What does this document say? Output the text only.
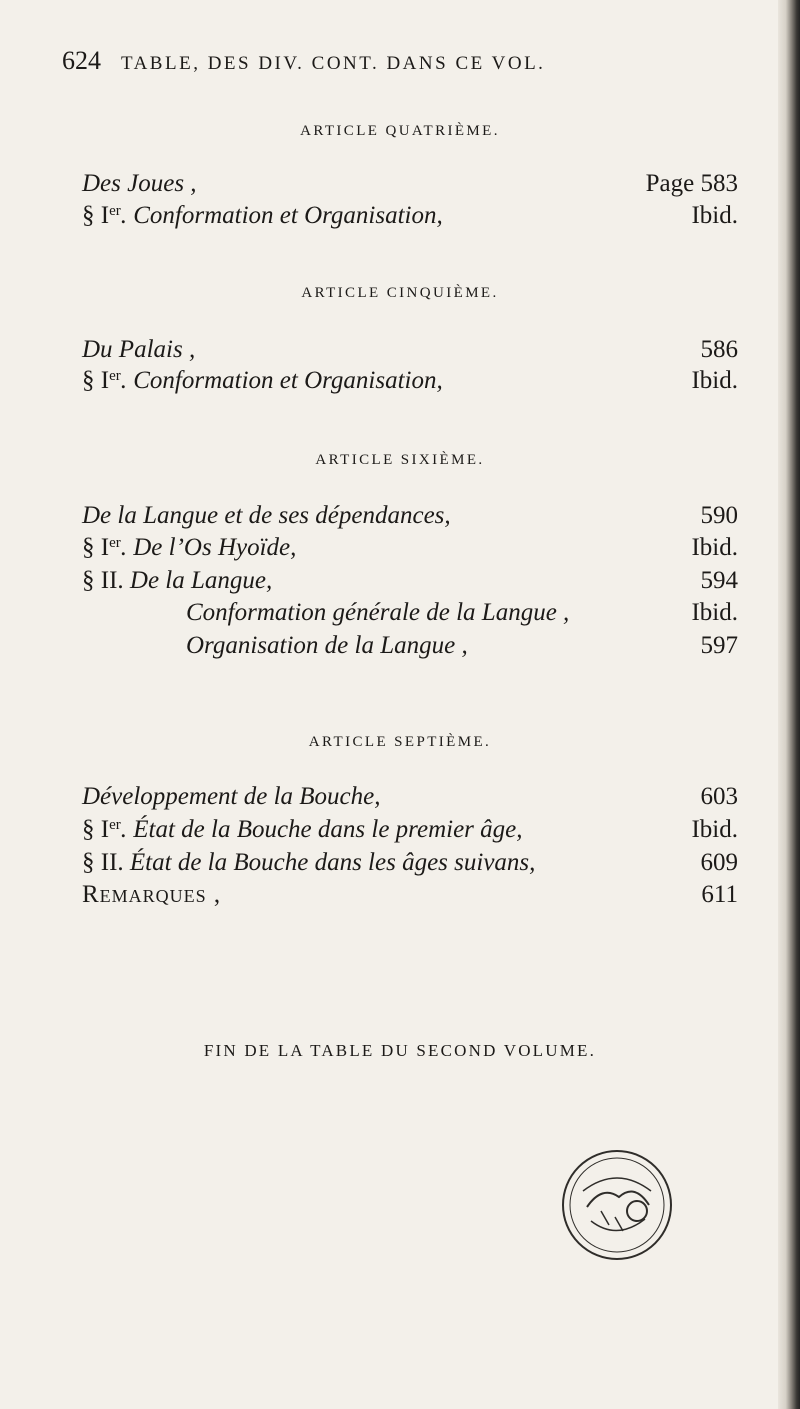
624 TABLE, DES DIV. CONT. DANS CE VOL.
ARTICLE QUATRIÈME.
Des Joues ,	Page 583
§ Ier. Conformation et Organisation,	Ibid.
ARTICLE CINQUIÈME.
Du Palais ,	586
§ Ier. Conformation et Organisation,	Ibid.
ARTICLE SIXIÈME.
De la Langue et de ses dépendances,	590
§ Ier. De l’Os Hyoïde,	Ibid.
§ II. De la Langue,	594
Conformation générale de la Langue ,	Ibid.
Organisation de la Langue ,	597
ARTICLE SEPTIÈME.
Développement de la Bouche,	603
§ Ier. État de la Bouche dans le premier âge,	Ibid.
§ II. État de la Bouche dans les âges suivans,	609
Remarques ,	611
FIN DE LA TABLE DU SECOND VOLUME.
